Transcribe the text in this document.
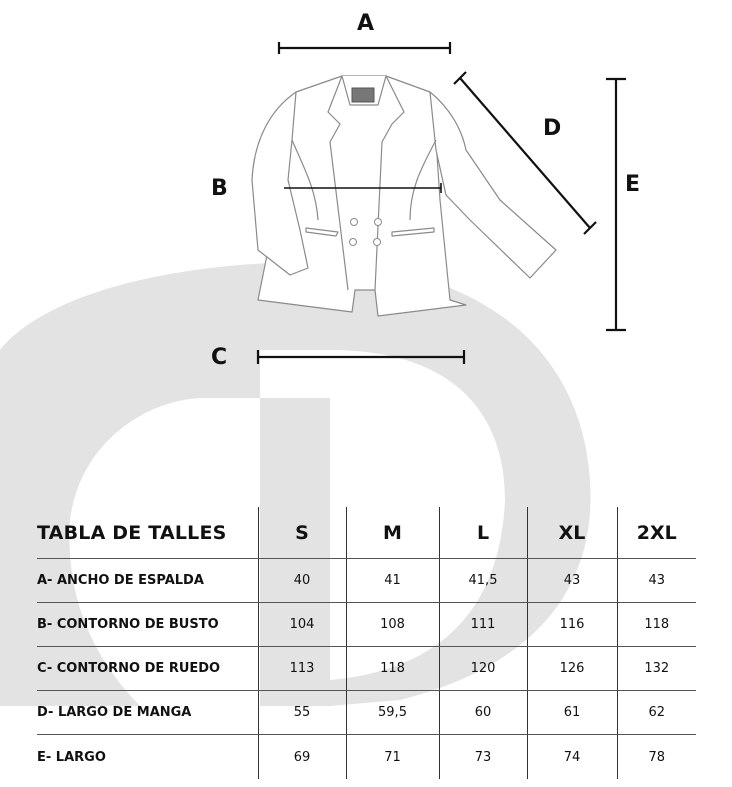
A
B
C
D
E
TABLA DE TALLES	S	M	L	XL	2XL
A- ANCHO DE ESPALDA	40	41	41,5	43	43
B- CONTORNO DE BUSTO	104	108	111	116	118
C- CONTORNO DE RUEDO	113	118	120	126	132
D- LARGO DE MANGA	55	59,5	60	61	62
E- LARGO	69	71	73	74	78
